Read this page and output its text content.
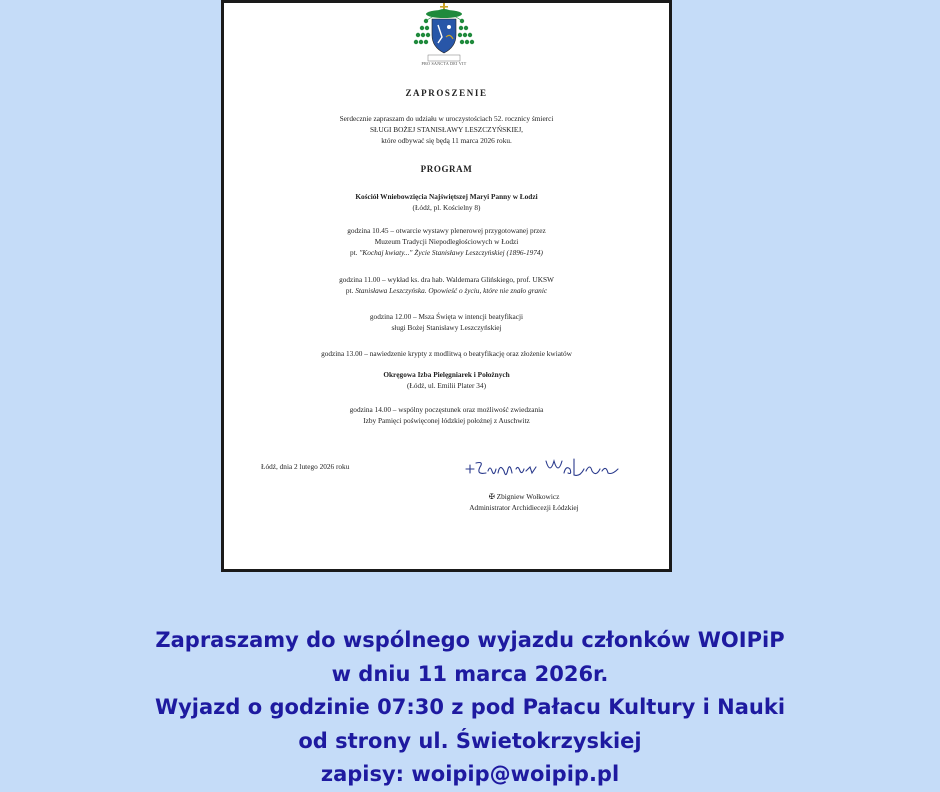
PRO SANCTA DEI VIT
ZAPROSZENIE
Serdecznie zapraszam do udziału w uroczystościach 52. rocznicy śmierci
SŁUGI BOŻEJ STANISŁAWY LESZCZYŃSKIEJ,
które odbywać się będą 11 marca 2026 roku.
PROGRAM
Kościół Wniebowzięcia Najświętszej Maryi Panny w Łodzi
(Łódź, pl. Kościelny 8)
godzina 10.45 – otwarcie wystawy plenerowej przygotowanej przez
Muzeum Tradycji Niepodległościowych w Łodzi
pt. "Kochaj kwiaty..." Życie Stanisławy Leszczyńskiej (1896-1974)
godzina 11.00 – wykład ks. dra hab. Waldemara Glińskiego, prof. UKSW
pt. Stanisława Leszczyńska. Opowieść o życiu, które nie znało granic
godzina 12.00 – Msza Święta w intencji beatyfikacji
sługi Bożej Stanisławy Leszczyńskiej
godzina 13.00 – nawiedzenie krypty z modlitwą o beatyfikację oraz złożenie kwiatów
Okręgowa Izba Pielęgniarek i Położnych
(Łódź, ul. Emilii Plater 34)
godzina 14.00 – wspólny poczęstunek oraz możliwość zwiedzania
Izby Pamięci poświęconej łódzkiej położnej z Auschwitz
Łódź, dnia 2 lutego 2026 roku
✠ Zbigniew Wołkowicz
Administrator Archidiecezji Łódzkiej
Zapraszamy do wspólnego wyjazdu członków WOIPiP
w dniu 11 marca 2026r.
Wyjazd o godzinie 07:30 z pod Pałacu Kultury i Nauki
od strony ul. Świetokrzyskiej
zapisy: woipip@woipip.pl
